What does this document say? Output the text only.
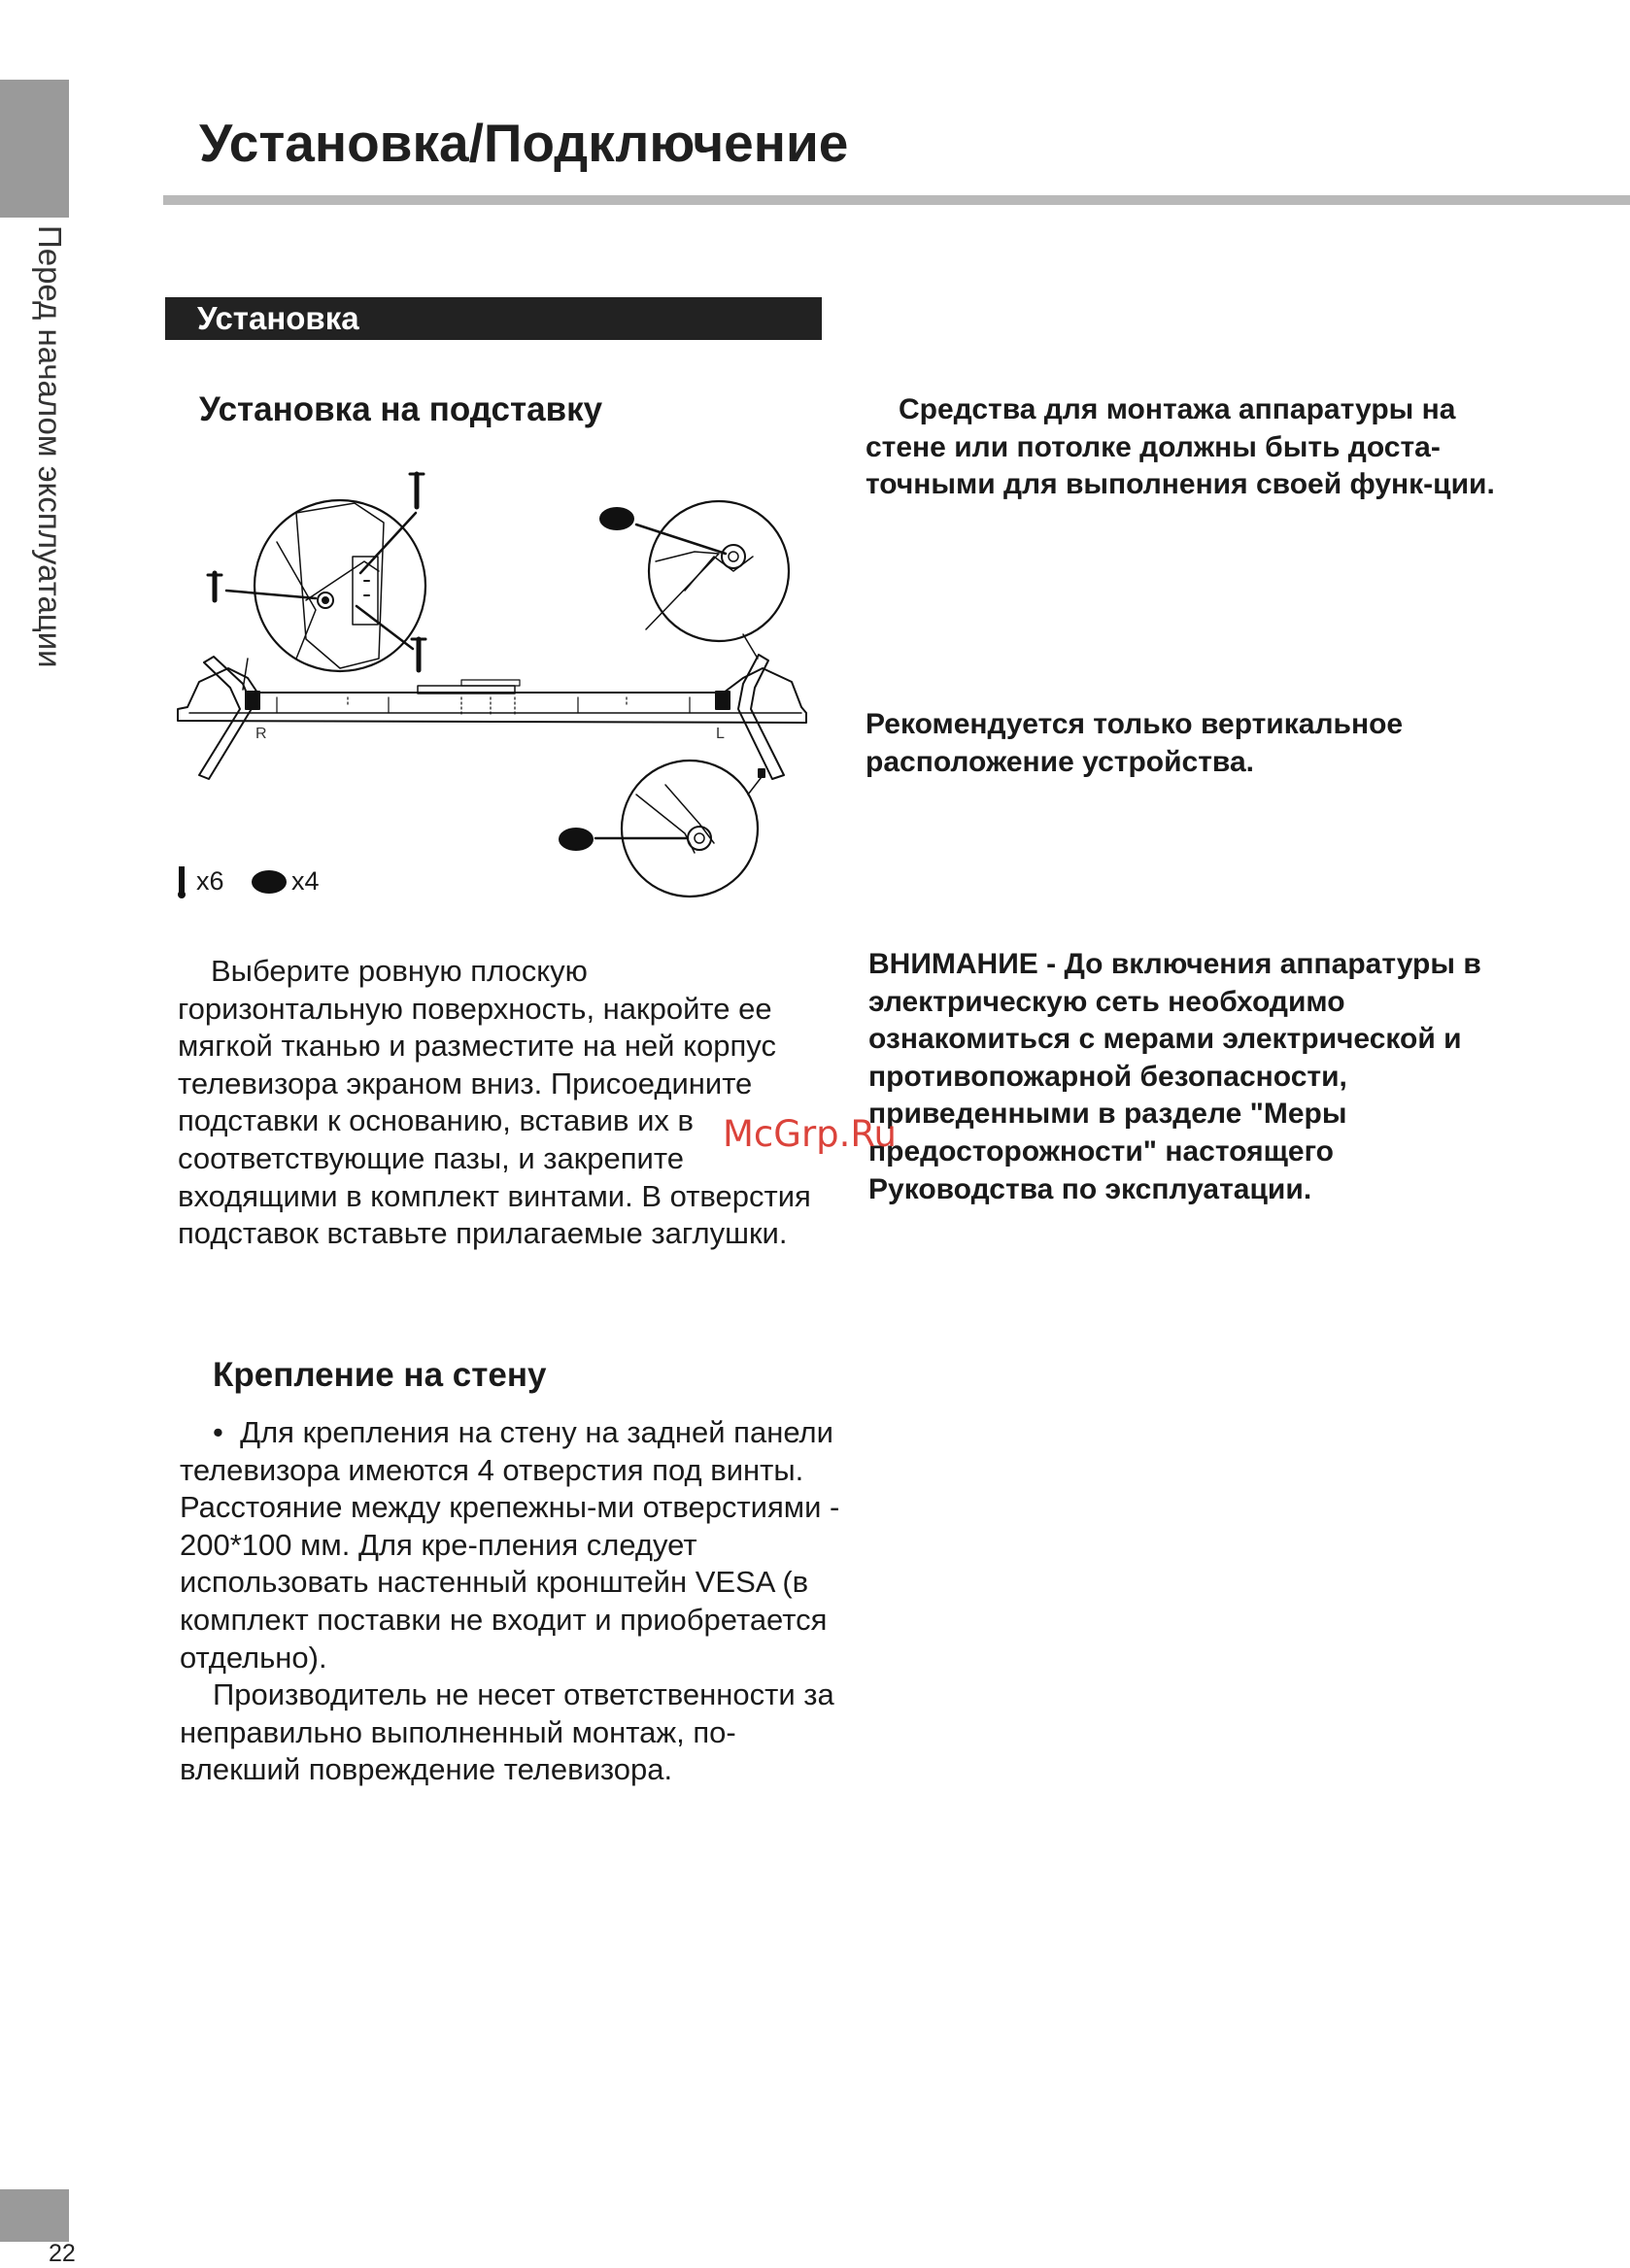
Перед началом эксплуатации
22
Установка/Подключение
Установка
Установка на подставку
R	L
x6	x4
Выберите ровную плоскую горизонтальную поверхность, накройте ее мягкой тканью и разместите на ней корпус телевизора экраном вниз. Присоедините подставки к основанию, вставив их в соответствующие пазы, и закрепите входящими в комплект винтами. В отверстия подставок вставьте прилагаемые заглушки.
Крепление на стену

• Для крепления на стену на задней панели телевизора имеются 4 отверстия под винты. Расстояние между крепежны-ми отверстиями - 200*100 мм. Для кре-пления следует использовать настенный кронштейн VESA (в комплект поставки не входит и приобретается отдельно).

Производитель не несет ответственности за неправильно выполненный монтаж, по-влекший повреждение телевизора.

Средства для монтажа аппаратуры на стене или потолке должны быть доста-точными для выполнения своей функ-ции.
Рекомендуется только вертикальное расположение устройства.
ВНИМАНИЕ - До включения аппаратуры в электрическую сеть необходимо ознакомиться с мерами электрической и противопожарной безопасности, приведенными в разделе "Меры предосторожности" настоящего Руководства по эксплуатации.
McGrp.Ru
